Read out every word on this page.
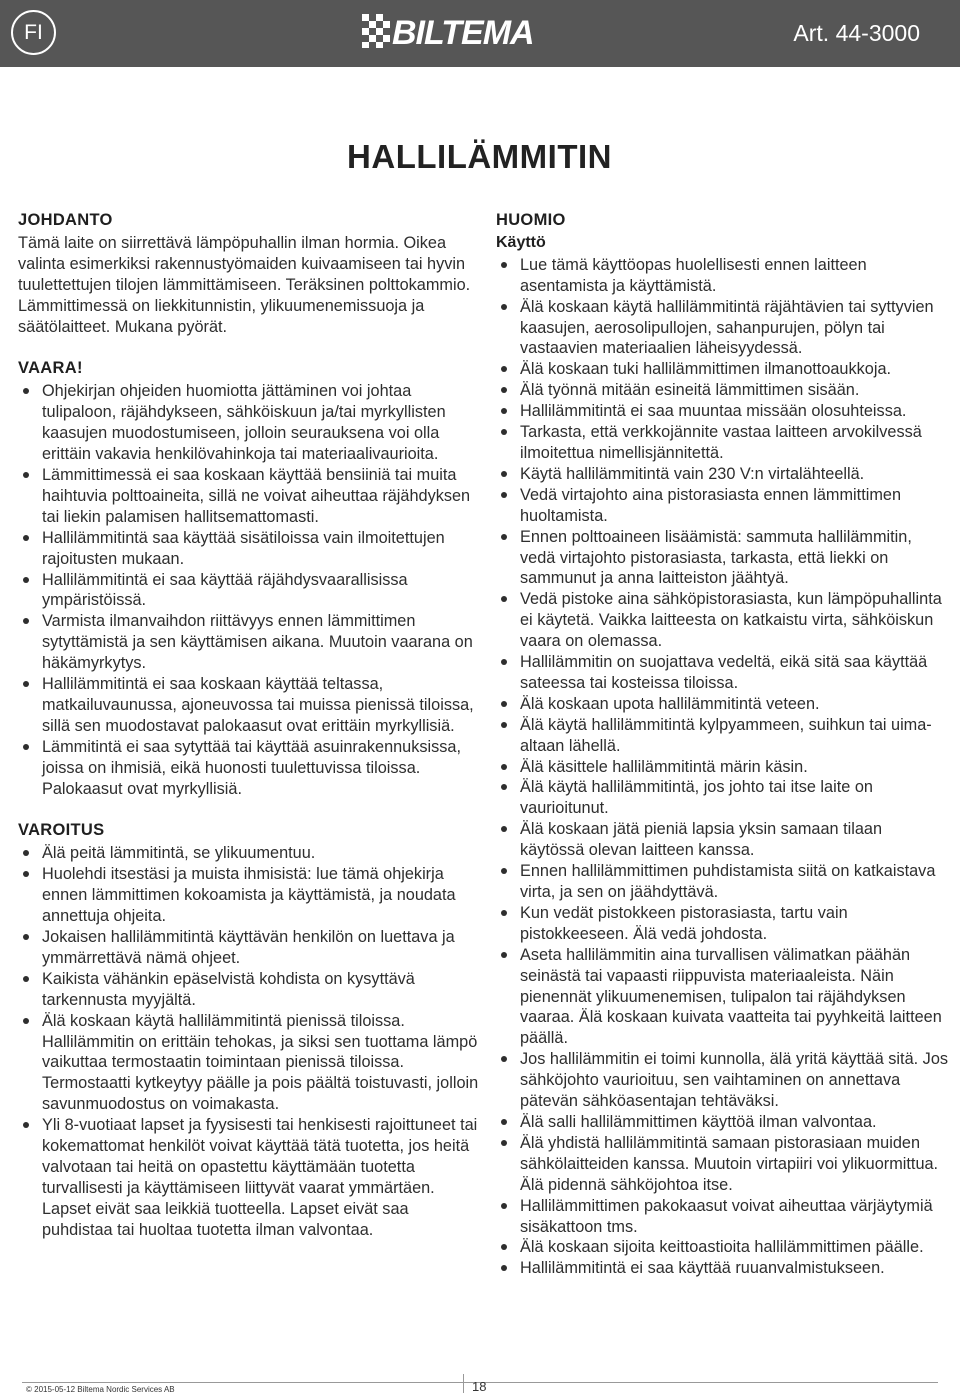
FI	BILTEMA	Art. 44-3000
HALLILÄMMITIN
JOHDANTO

Tämä laite on siirrettävä lämpöpuhallin ilman hormia. Oikea valinta esimerkiksi rakennustyömaiden kuivaamiseen tai hyvin tuulettettujen tilojen lämmittämiseen. Teräksinen polttokammio. Lämmittimessä on liekkitunnistin, ylikuumenemissuoja ja säätölaitteet. Mukana pyörät.

VAARA!
Ohjekirjan ohjeiden huomiotta jättäminen voi johtaa tulipaloon, räjähdykseen, sähköiskuun ja/tai myrkyllisten kaasujen muodostumiseen, jolloin seurauksena voi olla erittäin vakavia henkilövahinkoja tai materiaalivaurioita.
Lämmittimessä ei saa koskaan käyttää bensiiniä tai muita haihtuvia polttoaineita, sillä ne voivat aiheuttaa räjähdyksen tai liekin palamisen hallitsemattomasti.
Hallilämmitintä saa käyttää sisätiloissa vain ilmoitettujen rajoitusten mukaan.
Hallilämmitintä ei saa käyttää räjähdysvaarallisissa ympäristöissä.
Varmista ilmanvaihdon riittävyys ennen lämmittimen sytyttämistä ja sen käyttämisen aikana. Muutoin vaarana on häkämyrkytys.
Hallilämmitintä ei saa koskaan käyttää teltassa, matkailuvaunussa, ajoneuvossa tai muissa pienissä tiloissa, sillä sen muodostavat palokaasut ovat erittäin myrkyllisiä.
Lämmitintä ei saa sytyttää tai käyttää asuinrakennuksissa, joissa on ihmisiä, eikä huonosti tuulettuvissa tiloissa. Palokaasut ovat myrkyllisiä.
VAROITUS
Älä peitä lämmitintä, se ylikuumentuu.
Huolehdi itsestäsi ja muista ihmisistä: lue tämä ohjekirja ennen lämmittimen kokoamista ja käyttämistä, ja noudata annettuja ohjeita.
Jokaisen hallilämmitintä käyttävän henkilön on luettava ja ymmärrettävä nämä ohjeet.
Kaikista vähänkin epäselvistä kohdista on kysyttävä tarkennusta myyjältä.
Älä koskaan käytä hallilämmitintä pienissä tiloissa. Hallilämmitin on erittäin tehokas, ja siksi sen tuottama lämpö vaikuttaa termostaatin toimintaan pienissä tiloissa. Termostaatti kytkeytyy päälle ja pois päältä toistuvasti, jolloin savunmuodostus on voimakasta.
Yli 8-vuotiaat lapset ja fyysisesti tai henkisesti rajoittuneet tai kokemattomat henkilöt voivat käyttää tätä tuotetta, jos heitä valvotaan tai heitä on opastettu käyttämään tuotetta turvallisesti ja käyttämiseen liittyvät vaarat ymmärtäen. Lapset eivät saa leikkiä tuotteella. Lapset eivät saa puhdistaa tai huoltaa tuotetta ilman valvontaa.
HUOMIO
Käyttö
Lue tämä käyttöopas huolellisesti ennen laitteen asentamista ja käyttämistä.
Älä koskaan käytä hallilämmitintä räjähtävien tai syttyvien kaasujen, aerosolipullojen, sahanpurujen, pölyn tai vastaavien materiaalien läheisyydessä.
Älä koskaan tuki hallilämmittimen ilmanottoaukkoja.
Älä työnnä mitään esineitä lämmittimen sisään.
Hallilämmitintä ei saa muuntaa missään olosuhteissa.
Tarkasta, että verkkojännite vastaa laitteen arvokilvessä ilmoitettua nimellisjännitettä.
Käytä hallilämmitintä vain 230 V:n virtalähteellä.
Vedä virtajohto aina pistorasiasta ennen lämmittimen huoltamista.
Ennen polttoaineen lisäämistä: sammuta hallilämmitin, vedä virtajohto pistorasiasta, tarkasta, että liekki on sammunut ja anna laitteiston jäähtyä.
Vedä pistoke aina sähköpistorasiasta, kun lämpöpuhallinta ei käytetä. Vaikka laitteesta on katkaistu virta, sähköiskun vaara on olemassa.
Hallilämmitin on suojattava vedeltä, eikä sitä saa käyttää sateessa tai kosteissa tiloissa.
Älä koskaan upota hallilämmitintä veteen.
Älä käytä hallilämmitintä kylpyammeen, suihkun tai uima-altaan lähellä.
Älä käsittele hallilämmitintä märin käsin.
Älä käytä hallilämmitintä, jos johto tai itse laite on vaurioitunut.
Älä koskaan jätä pieniä lapsia yksin samaan tilaan käytössä olevan laitteen kanssa.
Ennen hallilämmittimen puhdistamista siitä on katkaistava virta, ja sen on jäähdyttävä.
Kun vedät pistokkeen pistorasiasta, tartu vain pistokkeeseen. Älä vedä johdosta.
Aseta hallilämmitin aina turvallisen välimatkan päähän seinästä tai vapaasti riippuvista materiaaleista. Näin pienennät ylikuumenemisen, tulipalon tai räjähdyksen vaaraa. Älä koskaan kuivata vaatteita tai pyyhkeitä laitteen päällä.
Jos hallilämmitin ei toimi kunnolla, älä yritä käyttää sitä. Jos sähköjohto vaurioituu, sen vaihtaminen on annettava pätevän sähköasentajan tehtäväksi.
Älä salli hallilämmittimen käyttöä ilman valvontaa.
Älä yhdistä hallilämmitintä samaan pistorasiaan muiden sähkölaitteiden kanssa. Muutoin virtapiiri voi ylikuormittua. Älä pidennä sähköjohtoa itse.
Hallilämmittimen pakokaasut voivat aiheuttaa värjäytymiä sisäkattoon tms.
Älä koskaan sijoita keittoastioita hallilämmittimen päälle.
Hallilämmitintä ei saa käyttää ruuanvalmistukseen.
© 2015-05-12 Biltema Nordic Services AB	18
